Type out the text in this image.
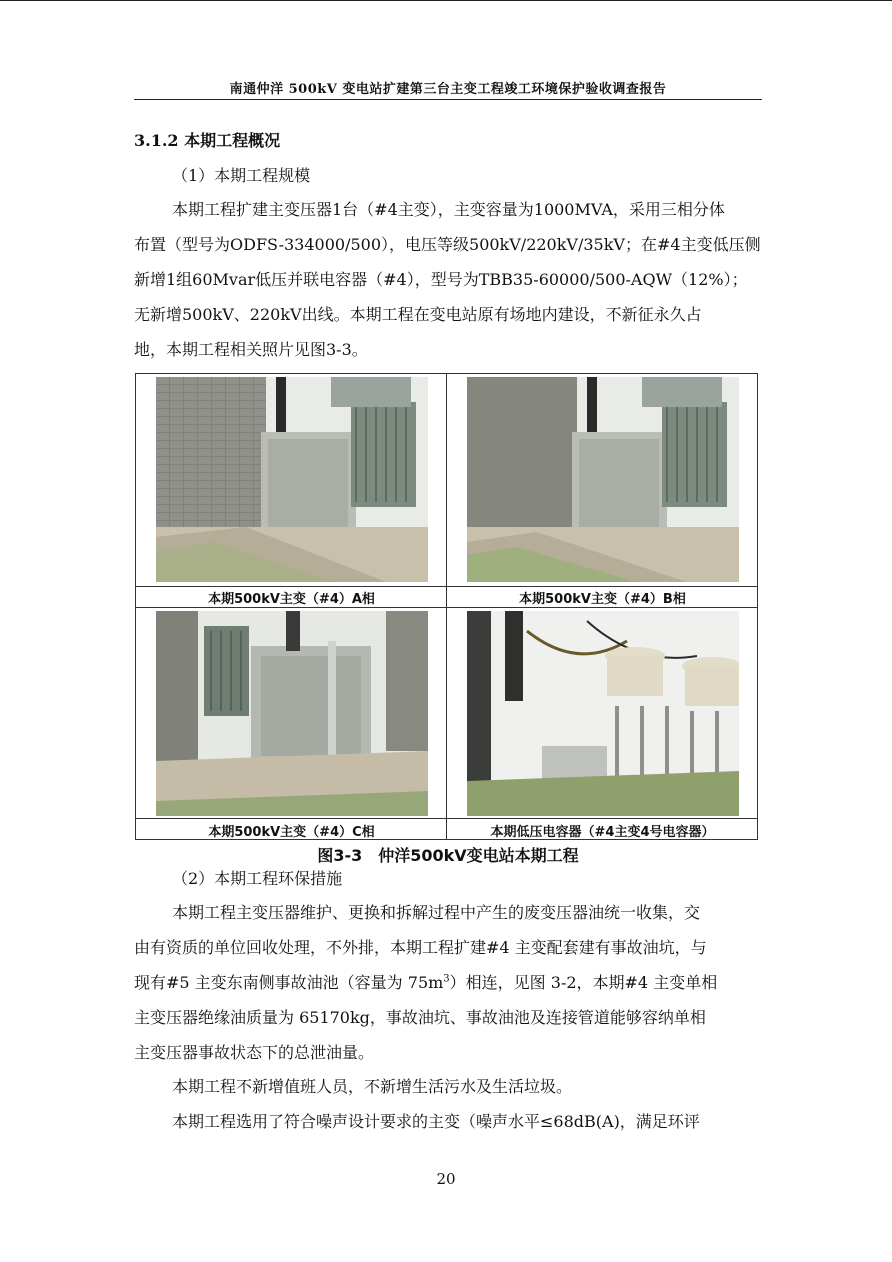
南通仲洋 500kV 变电站扩建第三台主变工程竣工环境保护验收调查报告
3.1.2 本期工程概况
（1）本期工程规模
本期工程扩建主变压器1台（#4主变），主变容量为1000MVA，采用三相分体
布置（型号为ODFS-334000/500），电压等级500kV/220kV/35kV；在#4主变低压侧
新增1组60Mvar低压并联电容器（#4），型号为TBB35-60000/500-AQW（12%）；
无新增500kV、220kV出线。本期工程在变电站原有场地内建设，不新征永久占
地，本期工程相关照片见图3-3。
本期500kV主变（#4）A相	本期500kV主变（#4）B相
本期500kV主变（#4）C相	本期低压电容器（#4主变4号电容器）
图3-3　仲洋500kV变电站本期工程
（2）本期工程环保措施
本期工程主变压器维护、更换和拆解过程中产生的废变压器油统一收集，交
由有资质的单位回收处理，不外排，本期工程扩建#4 主变配套建有事故油坑，与
现有#5 主变东南侧事故油池（容量为 $75m^3$）相连，见图 3-2，本期#4 主变单相
主变压器绝缘油质量为 65170kg，事故油坑、事故油池及连接管道能够容纳单相
主变压器事故状态下的总泄油量。
本期工程不新增值班人员，不新增生活污水及生活垃圾。
本期工程选用了符合噪声设计要求的主变（噪声水平≤68dB(A)，满足环评
20
